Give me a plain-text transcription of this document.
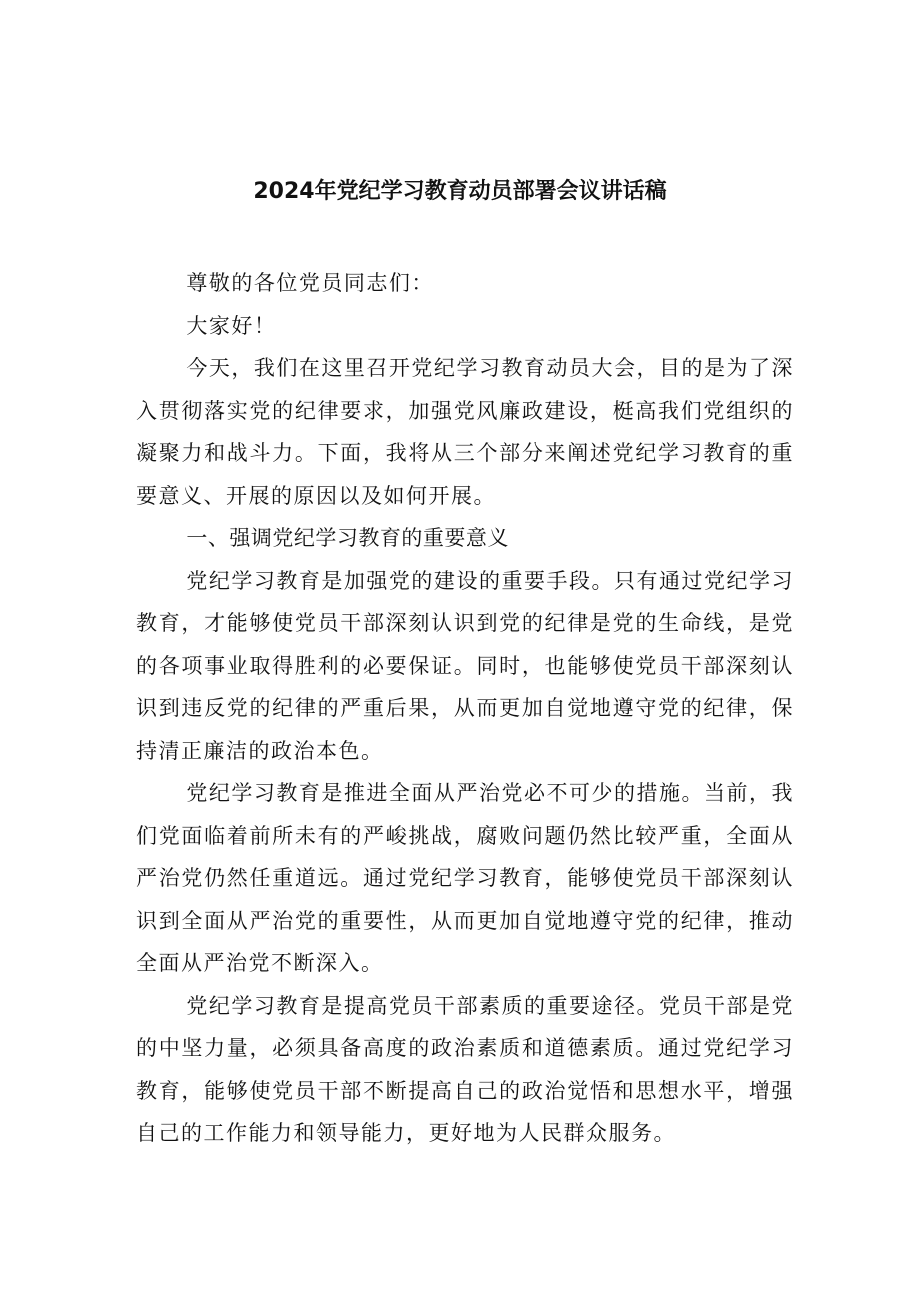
2024年党纪学习教育动员部署会议讲话稿

尊敬的各位党员同志们：

大家好！

今天，我们在这里召开党纪学习教育动员大会，目的是为了深入贯彻落实党的纪律要求，加强党风廉政建设，梃高我们党组织的凝聚力和战斗力。下面，我将从三个部分来阐述党纪学习教育的重要意义、开展的原因以及如何开展。

一、强调党纪学习教育的重要意义

党纪学习教育是加强党的建设的重要手段。只有通过党纪学习教育，才能够使党员干部深刻认识到党的纪律是党的生命线，是党的各项事业取得胜利的必要保证。同时，也能够使党员干部深刻认识到违反党的纪律的严重后果，从而更加自觉地遵守党的纪律，保持清正廉洁的政治本色。

党纪学习教育是推进全面从严治党必不可少的措施。当前，我们党面临着前所未有的严峻挑战，腐败问题仍然比较严重，全面从严治党仍然任重道远。通过党纪学习教育，能够使党员干部深刻认识到全面从严治党的重要性，从而更加自觉地遵守党的纪律，推动全面从严治党不断深入。

党纪学习教育是提高党员干部素质的重要途径。党员干部是党的中坚力量，必须具备高度的政治素质和道德素质。通过党纪学习教育，能够使党员干部不断提高自己的政治觉悟和思想水平，增强自己的工作能力和领导能力，更好地为人民群众服务。
